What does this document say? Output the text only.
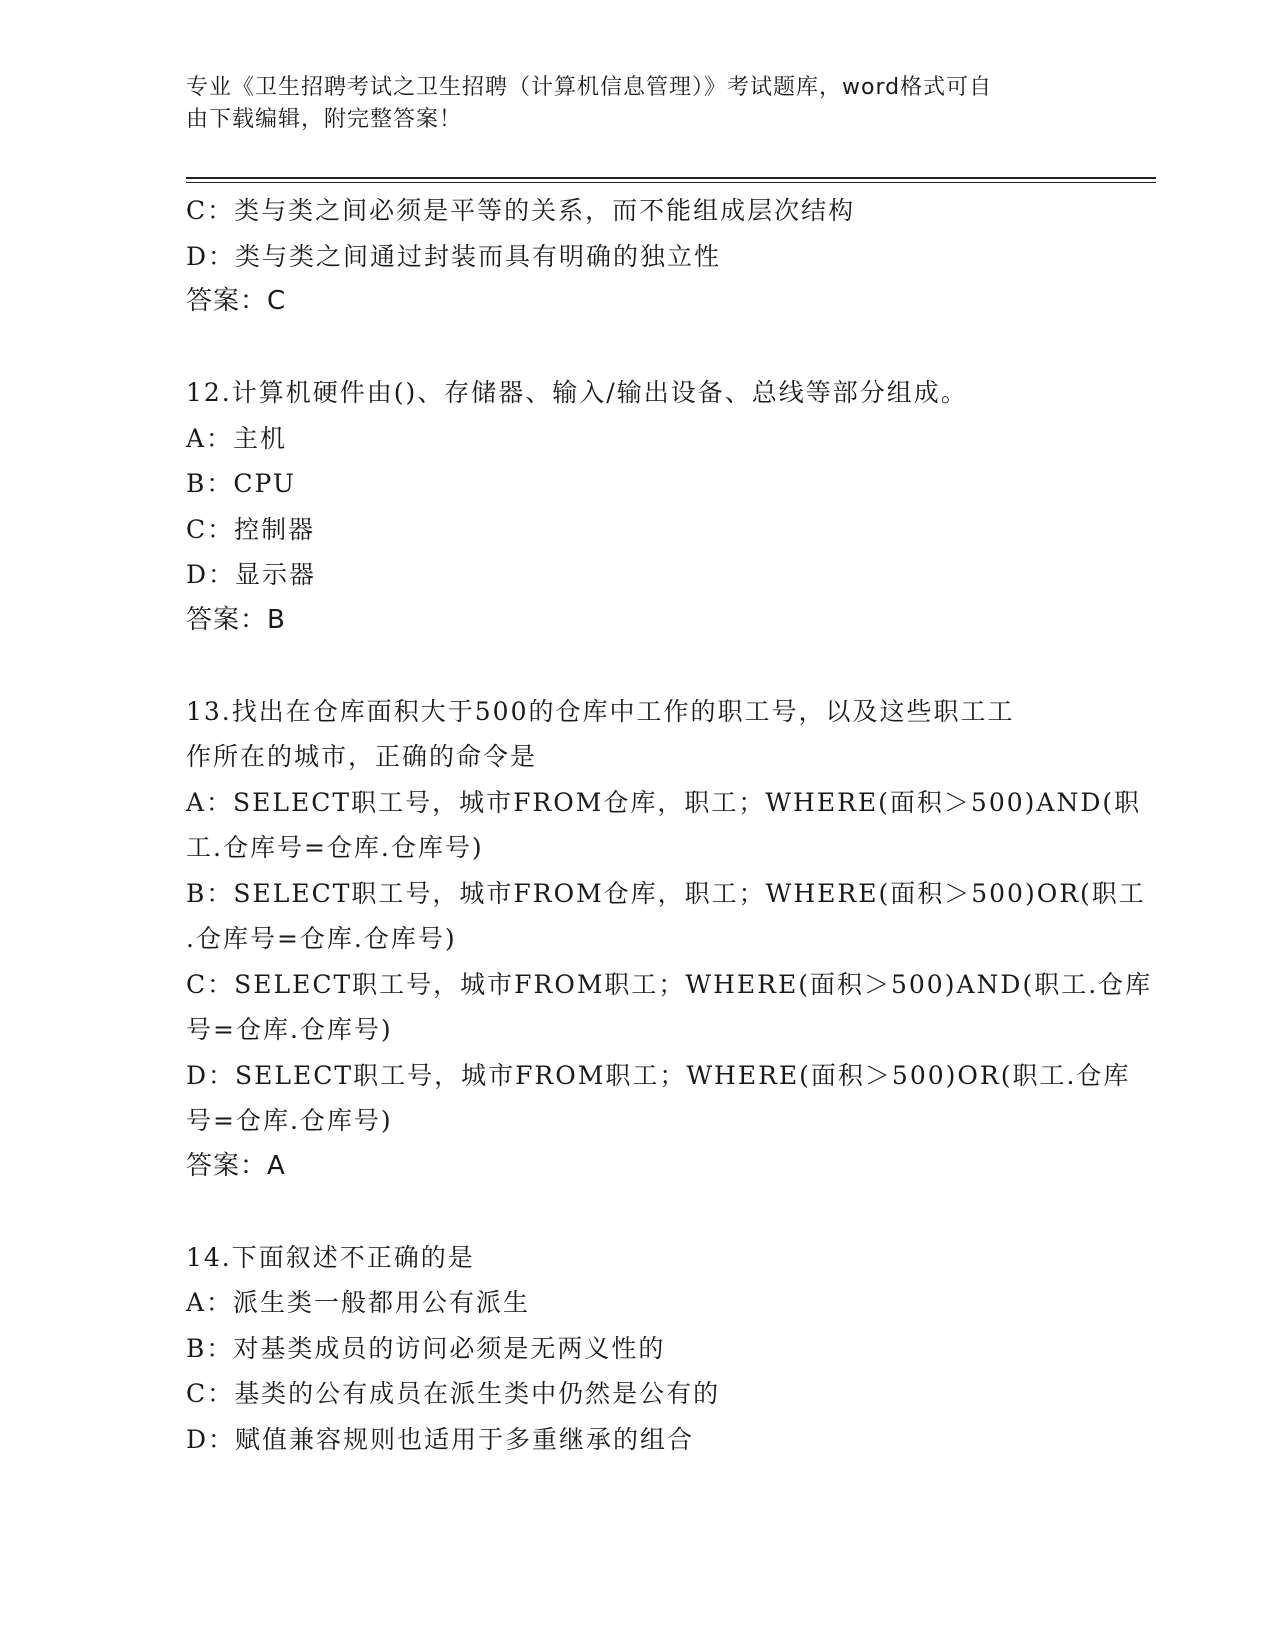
专业《卫生招聘考试之卫生招聘（计算机信息管理）》考试题库，word格式可自
由下载编辑，附完整答案！
C：类与类之间必须是平等的关系，而不能组成层次结构
D：类与类之间通过封装而具有明确的独立性
答案：C
12.计算机硬件由()、存储器、输入/输出设备、总线等部分组成。
A：主机
B：CPU
C：控制器
D：显示器
答案：B
13.找出在仓库面积大于500的仓库中工作的职工号，以及这些职工工
作所在的城市，正确的命令是
A：SELECT职工号，城市FROM仓库，职工；WHERE(面积＞500)AND(职
工.仓库号=仓库.仓库号)
B：SELECT职工号，城市FROM仓库，职工；WHERE(面积＞500)OR(职工
.仓库号=仓库.仓库号)
C：SELECT职工号，城市FROM职工；WHERE(面积＞500)AND(职工.仓库
号=仓库.仓库号)
D：SELECT职工号，城市FROM职工；WHERE(面积＞500)OR(职工.仓库
号=仓库.仓库号)
答案：A
14.下面叙述不正确的是
A：派生类一般都用公有派生
B：对基类成员的访问必须是无两义性的
C：基类的公有成员在派生类中仍然是公有的
D：赋值兼容规则也适用于多重继承的组合
